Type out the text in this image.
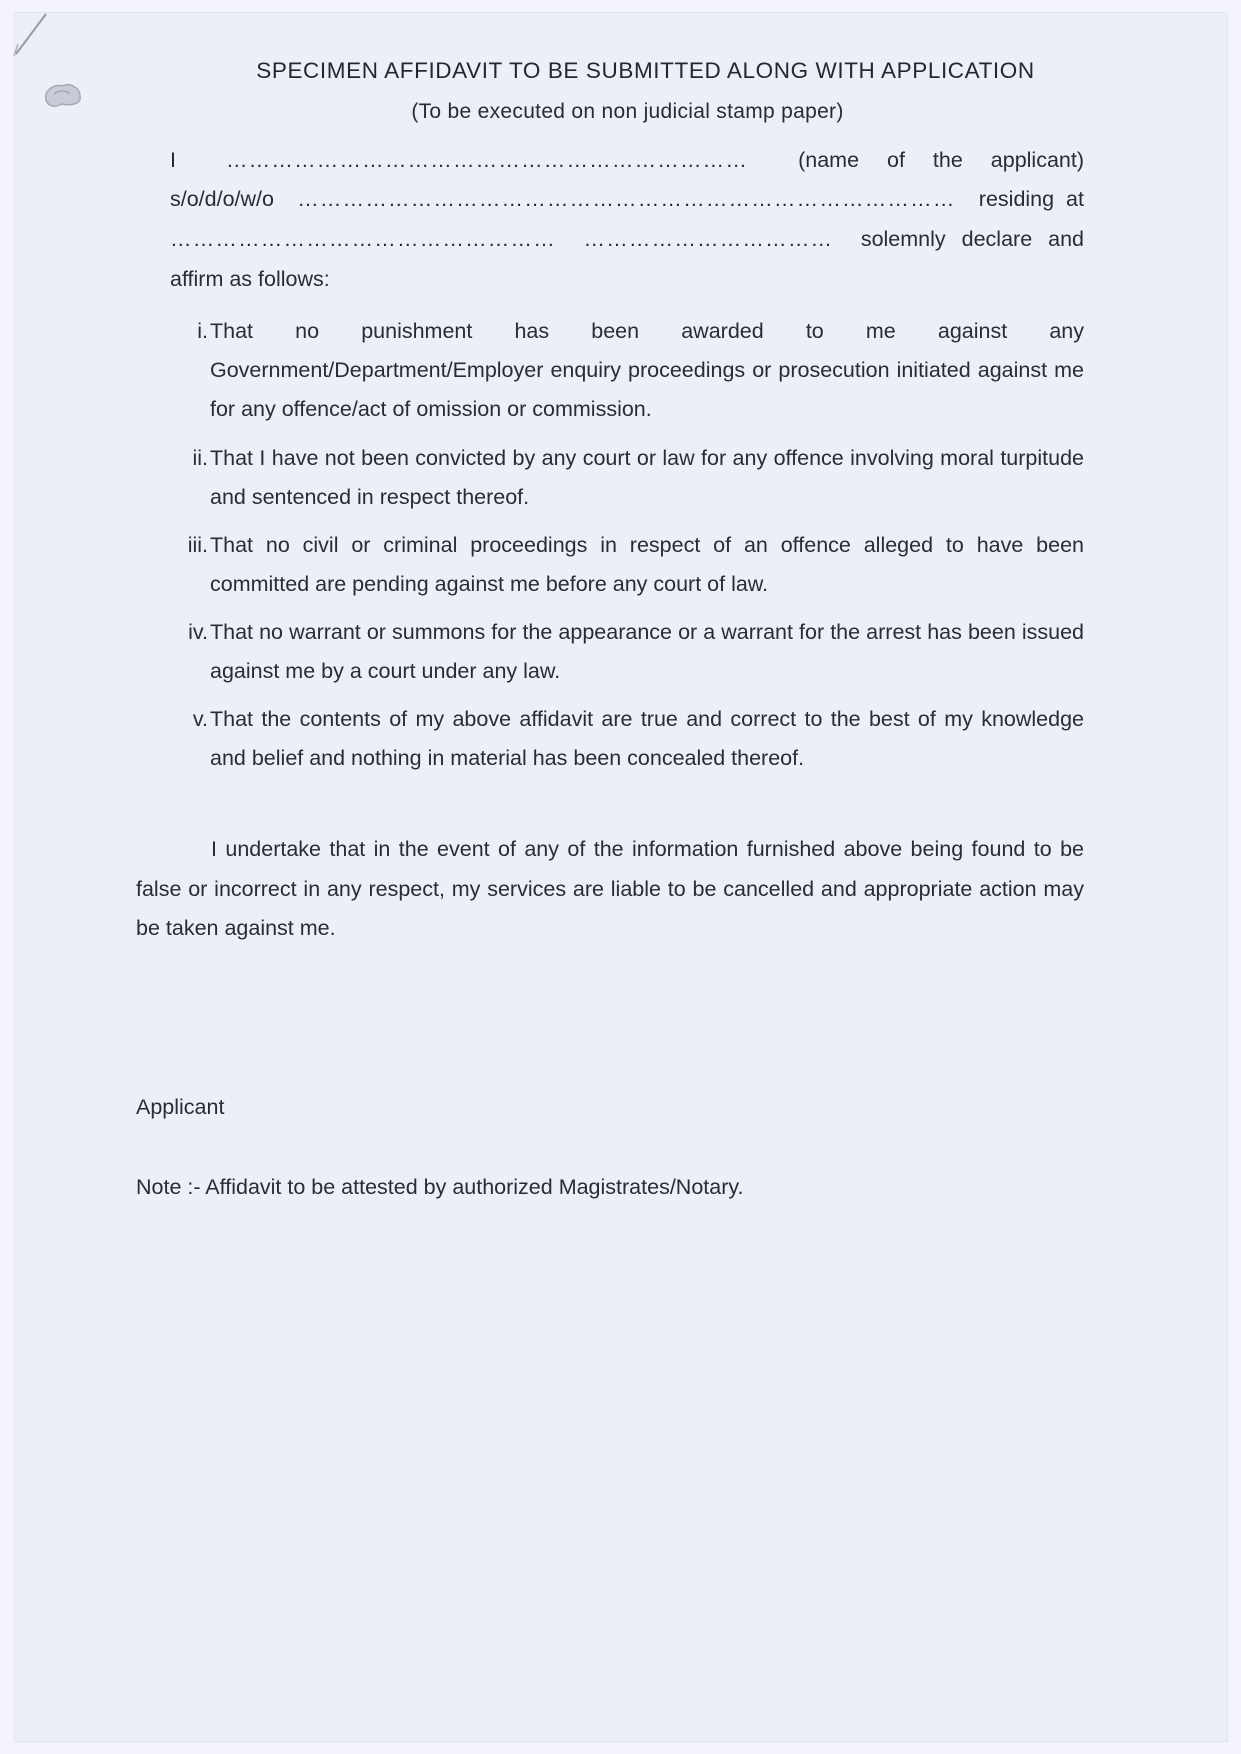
SPECIMEN AFFIDAVIT TO BE SUBMITTED ALONG WITH APPLICATION
(To be executed on non judicial stamp paper)
I …………………………………………………………… (name of the applicant)
s/o/d/o/w/o …………………………………………………………………………… residing at
…………………………………………… …………………………… solemnly declare and
affirm as follows:
i. That no punishment has been awarded to me against any Government/Department/Employer enquiry proceedings or prosecution initiated against me for any offence/act of omission or commission.
ii. That I have not been convicted by any court or law for any offence involving moral turpitude and sentenced in respect thereof.
iii. That no civil or criminal proceedings in respect of an offence alleged to have been committed are pending against me before any court of law.
iv. That no warrant or summons for the appearance or a warrant for the arrest has been issued against me by a court under any law.
v. That the contents of my above affidavit are true and correct to the best of my knowledge and belief and nothing in material has been concealed thereof.
I undertake that in the event of any of the information furnished above being found to be false or incorrect in any respect, my services are liable to be cancelled and appropriate action may be taken against me.
Applicant
Note :- Affidavit to be attested by authorized Magistrates/Notary.
